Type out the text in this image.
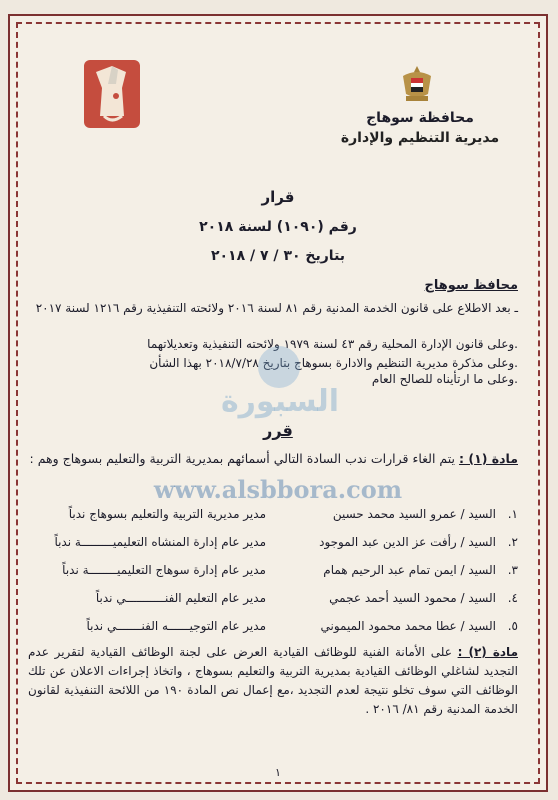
محافظة سوهاج
مديرية التنظيم والإدارة
قرار
رقم (١٠٩٠) لسنة ٢٠١٨
بتاريخ ٣٠ / ٧ / ٢٠١٨
محافظ سوهاج
ـ بعد الاطلاع على قانون الخدمة المدنية رقم ٨١ لسنة ٢٠١٦ ولائحته التنفيذية رقم ١٢١٦ لسنة ٢٠١٧
.وعلى قانون الإدارة المحلية رقم ٤٣ لسنة ١٩٧٩ ولائحته التنفيذية وتعديلاتهما
.وعلى مذكرة مديرية التنظيم والادارة بسوهاج بتاريخ ٢٠١٨/٧/٢٨ بهذا الشأن
.وعلى ما ارتأيناه للصالح العام
السبورة
قرر
مادة (١) : يتم الغاء قرارات ندب السادة التالي أسمائهم بمديرية التربية والتعليم بسوهاج وهم :
www.alsbbora.com
١.
السيد / عمرو السيد محمد حسين
مدير مديرية التربية والتعليم بسوهاج ندباً
٢.
السيد / رأفت عز الدين عبد الموجود
مدير عام إدارة المنشاه التعليميـــــــــة ندباً
٣.
السيد / ايمن تمام عبد الرحيم همام
مدير عام إدارة سوهاج التعليميــــــــة ندباً
٤.
السيد / محمود السيد أحمد عجمي
مدير عام التعليم الفنـــــــــــي ندباً
٥.
السيد / عطا محمد محمود الميموني
مدير عام التوجيــــــه الفنـــــــي ندباً
مادة (٢) : على الأمانة الفنية للوظائف القيادية العرض على لجنة الوظائف القيادية لتقرير عدم التجديد لشاغلي الوظائف القيادية بمديرية التربية والتعليم بسوهاج ، واتخاذ إجراءات الاعلان عن تلك الوظائف التي سوف تخلو نتيجة لعدم التجديد ،مع إعمال نص المادة ١٩٠ من اللائحة التنفيذية لقانون الخدمة المدنية رقم ٨١/ ٢٠١٦ .
١
